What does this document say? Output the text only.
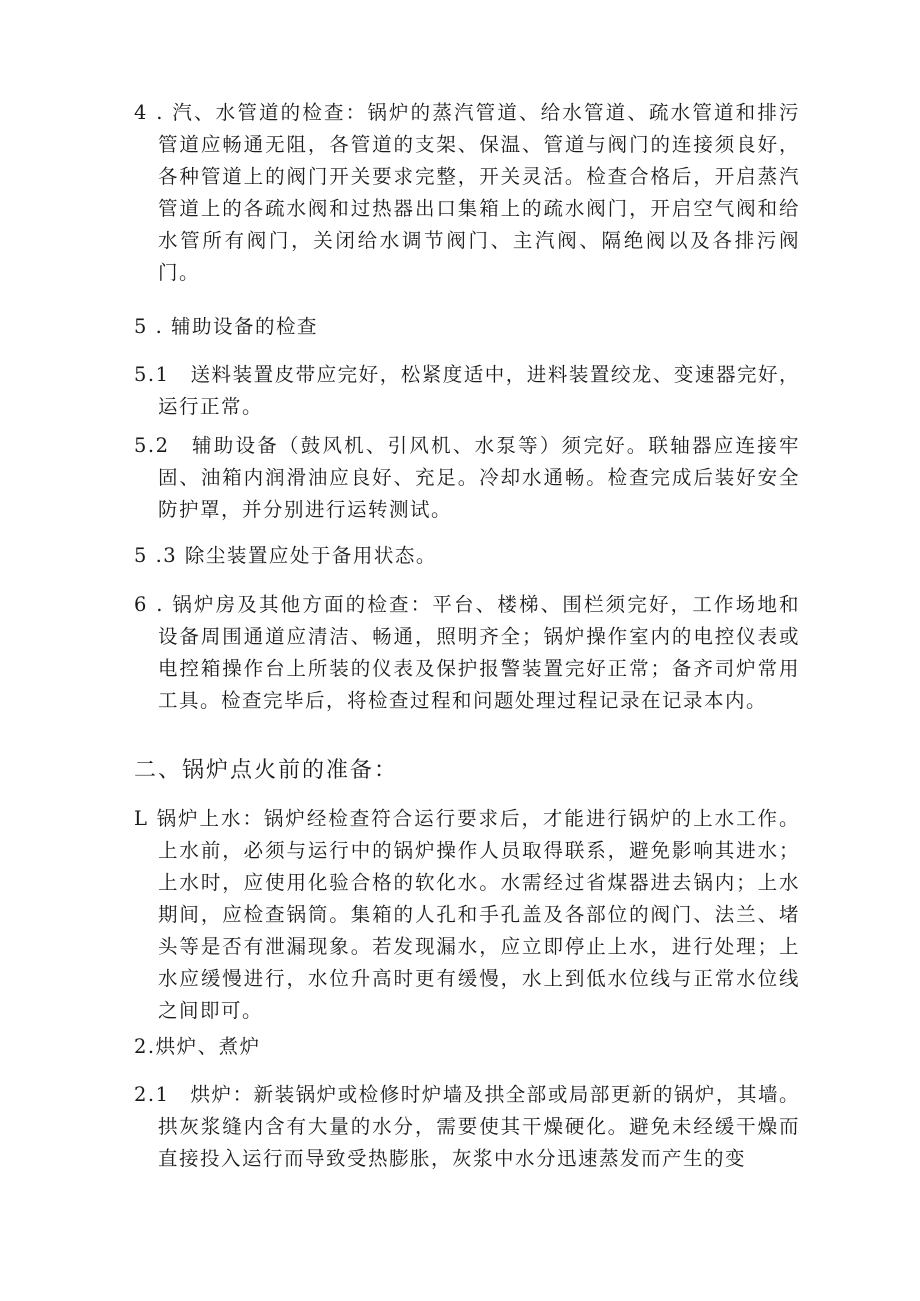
4 . 汽、水管道的检查：锅炉的蒸汽管道、给水管道、疏水管道和排污管道应畅通无阻，各管道的支架、保温、管道与阀门的连接须良好，各种管道上的阀门开关要求完整，开关灵活。检查合格后，开启蒸汽管道上的各疏水阀和过热器出口集箱上的疏水阀门，开启空气阀和给水管所有阀门，关闭给水调节阀门、主汽阀、隔绝阀以及各排污阀门。

5 . 辅助设备的检查

5.1　送料装置皮带应完好，松紧度适中，进料装置绞龙、变速器完好，运行正常。

5.2　辅助设备（鼓风机、引风机、水泵等）须完好。联轴器应连接牢固、油箱内润滑油应良好、充足。冷却水通畅。检查完成后装好安全防护罩，并分别进行运转测试。

5 .3 除尘装置应处于备用状态。

6 . 锅炉房及其他方面的检查：平台、楼梯、围栏须完好，工作场地和设备周围通道应清洁、畅通，照明齐全；锅炉操作室内的电控仪表或电控箱操作台上所装的仪表及保护报警装置完好正常；备齐司炉常用工具。检查完毕后，将检查过程和问题处理过程记录在记录本内。

二、锅炉点火前的准备：

L 锅炉上水：锅炉经检查符合运行要求后，才能进行锅炉的上水工作。上水前，必须与运行中的锅炉操作人员取得联系，避免影响其进水；上水时，应使用化验合格的软化水。水需经过省煤器进去锅内；上水期间，应检查锅筒。集箱的人孔和手孔盖及各部位的阀门、法兰、堵头等是否有泄漏现象。若发现漏水，应立即停止上水，进行处理；上水应缓慢进行，水位升高时更有缓慢，水上到低水位线与正常水位线之间即可。

2.烘炉、煮炉

2.1　烘炉：新装锅炉或检修时炉墙及拱全部或局部更新的锅炉，其墙。拱灰浆缝内含有大量的水分，需要使其干燥硬化。避免未经缓干燥而直接投入运行而导致受热膨胀，灰浆中水分迅速蒸发而产生的变
